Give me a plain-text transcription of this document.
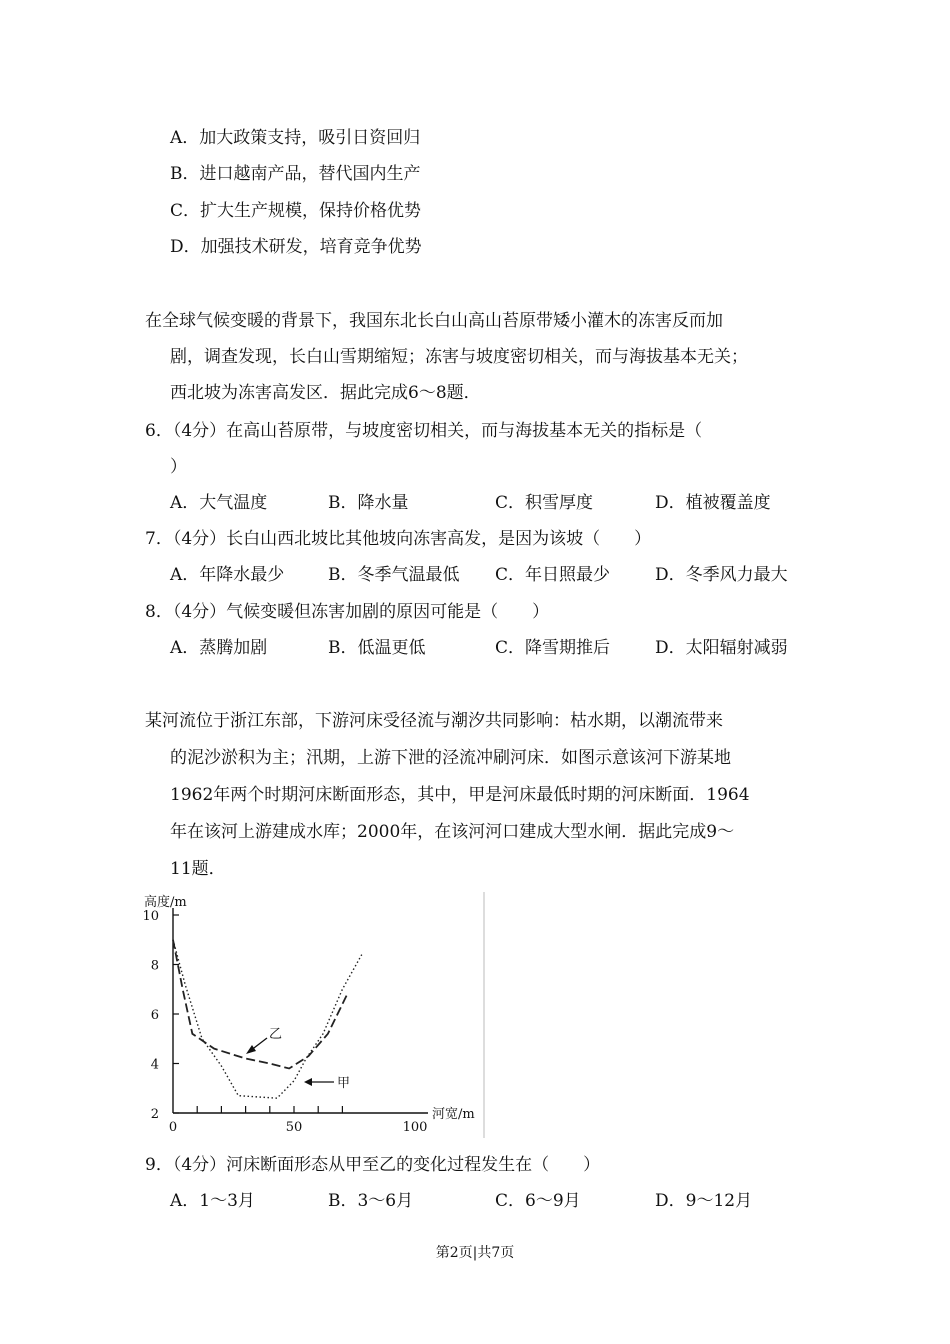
A．加大政策支持，吸引日资回归
B．进口越南产品，替代国内生产
C．扩大生产规模，保持价格优势
D．加强技术研发，培育竞争优势
在全球气候变暖的背景下，我国东北长白山高山苔原带矮小灌木的冻害反而加
剧，调查发现，长白山雪期缩短；冻害与坡度密切相关，而与海拔基本无关；
西北坡为冻害高发区．据此完成6～8题．
6．（4分）在高山苔原带，与坡度密切相关，而与海拔基本无关的指标是（
）
A．大气温度	B．降水量	C．积雪厚度	D．植被覆盖度
7．（4分）长白山西北坡比其他坡向冻害高发，是因为该坡（　　）
A．年降水最少	B．冬季气温最低 C．年日照最少	D．冬季风力最大
8．（4分）气候变暖但冻害加剧的原因可能是（　　）
A．蒸腾加剧	B．低温更低	C．降雪期推后	D．太阳辐射减弱
某河流位于浙江东部，下游河床受径流与潮汐共同影响：枯水期，以潮流带来
的泥沙淤积为主；汛期，上游下泄的泾流冲刷河床．如图示意该河下游某地
1962年两个时期河床断面形态，其中，甲是河床最低时期的河床断面．1964
年在该河上游建成水库；2000年，在该河河口建成大型水闸．据此完成9～
11题．
高度/m
河宽/m
2
4
6
8
10
0	50	100
乙
甲
9．（4分）河床断面形态从甲至乙的变化过程发生在（　　）
A．1～3月	B．3～6月	C．6～9月	D．9～12月
第2页|共7页
